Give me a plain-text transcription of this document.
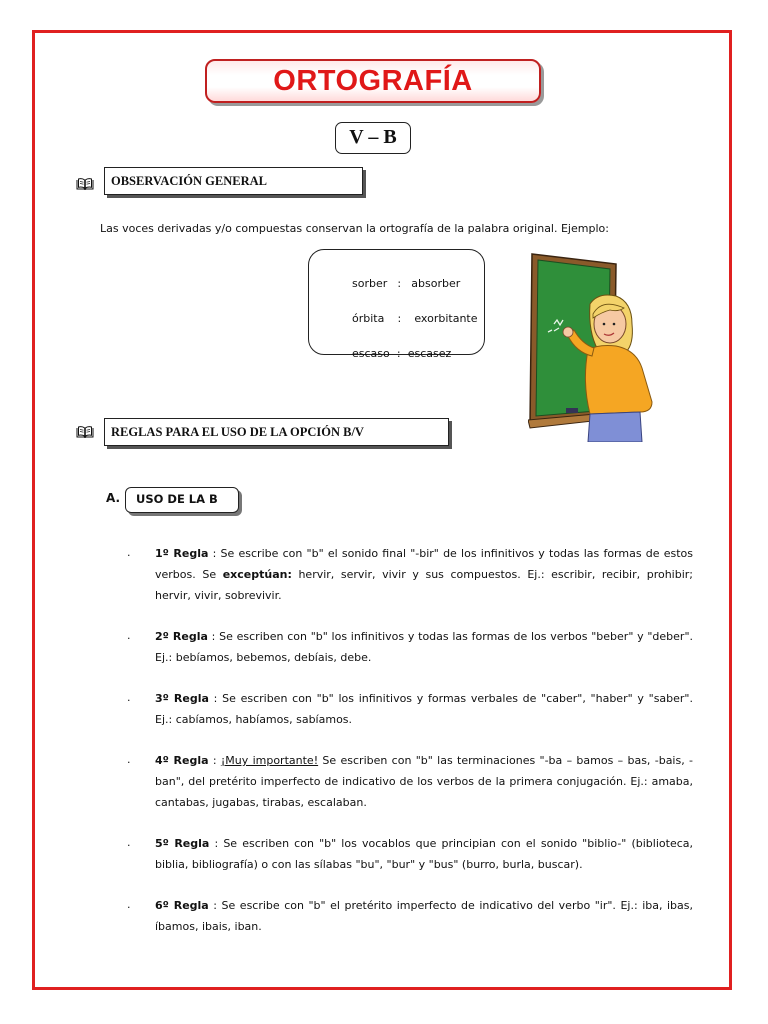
ORTOGRAFÍA
V – B
OBSERVACIÓN GENERAL
Las voces derivadas y/o compuestas conservan la ortografía de la palabra original. Ejemplo:

sorber : absorber

órbita : exorbitante

escaso : escasez

REGLAS PARA EL USO DE LA OPCIÓN B/V
A.	USO DE LA B
. 1º Regla : Se escribe con "b" el sonido final "-bir" de los infinitivos y todas las formas de estos verbos. Se exceptúan: hervir, servir, vivir y sus compuestos. Ej.: escribir, recibir, prohibir; hervir, vivir, sobrevivir.
. 2º Regla : Se escriben con "b" los infinitivos y todas las formas de los verbos "beber" y "deber". Ej.: bebíamos, bebemos, debíais, debe.
. 3º Regla : Se escriben con "b" los infinitivos y formas verbales de "caber", "haber" y "saber". Ej.: cabíamos, habíamos, sabíamos.
. 4º Regla : ¡Muy importante! Se escriben con "b" las terminaciones "-ba – bamos – bas, -bais, -ban", del pretérito imperfecto de indicativo de los verbos de la primera conjugación. Ej.: amaba, cantabas, jugabas, tirabas, escalaban.
. 5º Regla : Se escriben con "b" los vocablos que principian con el sonido "biblio-" (biblioteca, biblia, bibliografía) o con las sílabas "bu", "bur" y "bus" (burro, burla, buscar).
. 6º Regla : Se escribe con "b" el pretérito imperfecto de indicativo del verbo "ir". Ej.: iba, ibas, íbamos, ibais, iban.
